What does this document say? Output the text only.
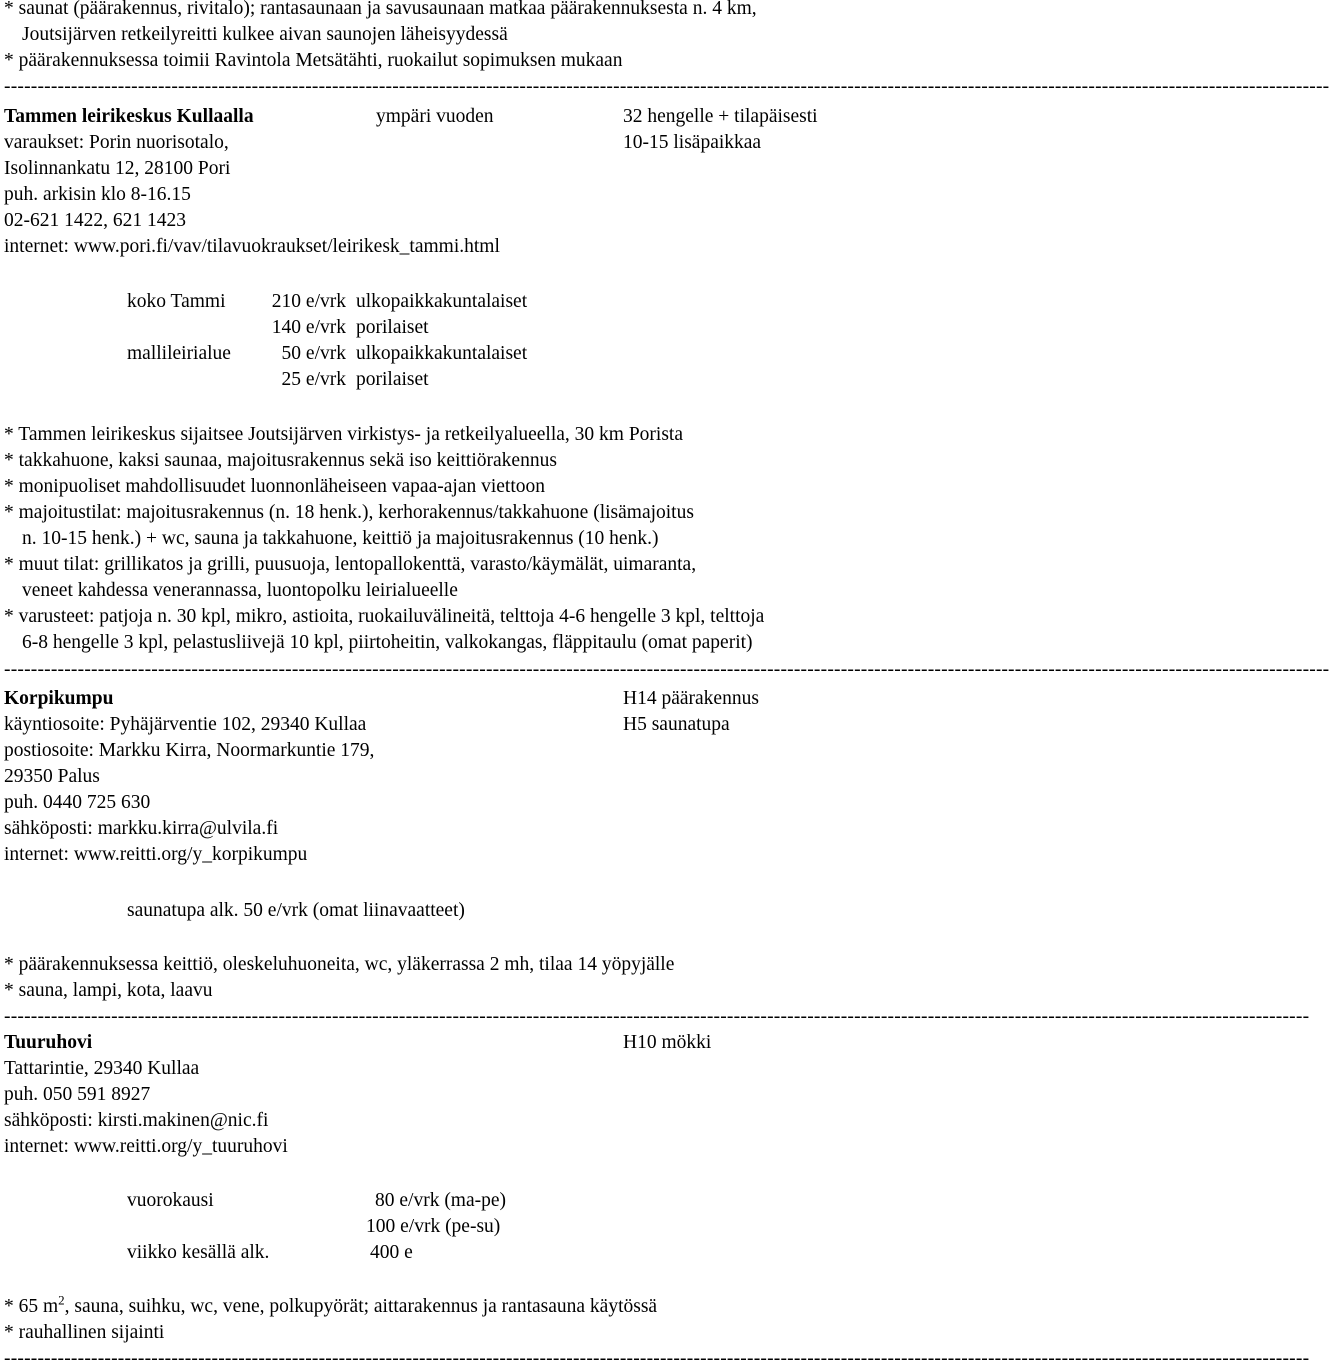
* saunat (päärakennus, rivitalo); rantasaunaan ja savusaunaan matkaa päärakennuksesta n. 4 km,
Joutsijärven retkeilyreitti kulkee aivan saunojen läheisyydessä
* päärakennuksessa toimii Ravintola Metsätähti, ruokailut sopimuksen mukaan
------------------------------------------------------------------------------------------------------------------------------------------------------------------------------------------------------
Tammen leirikeskus Kullaalla	ympäri vuoden	32 hengelle + tilapäisesti
10-15 lisäpaikkaa
varaukset: Porin nuorisotalo,
Isolinnankatu 12, 28100 Pori
puh. arkisin klo 8-16.15
02-621 1422, 621 1423
internet: www.pori.fi/vav/tilavuokraukset/leirikesk_tammi.html
koko Tammi	210 e/vrk ulkopaikkakuntalaiset
140 e/vrk porilaiset
mallileirialue	50 e/vrk ulkopaikkakuntalaiset
25 e/vrk porilaiset
* Tammen leirikeskus sijaitsee Joutsijärven virkistys- ja retkeilyalueella, 30 km Porista
* takkahuone, kaksi saunaa, majoitusrakennus sekä iso keittiörakennus
* monipuoliset mahdollisuudet luonnonläheiseen vapaa-ajan viettoon
* majoitustilat: majoitusrakennus (n. 18 henk.), kerhorakennus/takkahuone (lisämajoitus
n. 10-15 henk.) + wc, sauna ja takkahuone, keittiö ja majoitusrakennus (10 henk.)
* muut tilat: grillikatos ja grilli, puusuoja, lentopallokenttä, varasto/käymälät, uimaranta,
veneet kahdessa venerannassa, luontopolku leirialueelle
* varusteet: patjoja n. 30 kpl, mikro, astioita, ruokailuvälineitä, telttoja 4-6 hengelle 3 kpl, telttoja
6-8 hengelle 3 kpl, pelastusliivejä 10 kpl, piirtoheitin, valkokangas, fläppitaulu (omat paperit)
------------------------------------------------------------------------------------------------------------------------------------------------------------------------------------------------------
Korpikumpu	H14 päärakennus
H5 saunatupa
käyntiosoite: Pyhäjärventie 102, 29340 Kullaa
postiosoite: Markku Kirra, Noormarkuntie 179,
29350 Palus
puh. 0440 725 630
sähköposti: markku.kirra@ulvila.fi
internet: www.reitti.org/y_korpikumpu
saunatupa alk. 50 e/vrk (omat liinavaatteet)
* päärakennuksessa keittiö, oleskeluhuoneita, wc, yläkerrassa 2 mh, tilaa 14 yöpyjälle
* sauna, lampi, kota, laavu
---------------------------------------------------------------------------------------------------------------------------------------------------------------------------------------------------
Tuuruhovi	H10 mökki
Tattarintie, 29340 Kullaa
puh. 050 591 8927
sähköposti: kirsti.makinen@nic.fi
internet: www.reitti.org/y_tuuruhovi
vuorokausi	80 e/vrk (ma-pe)
100 e/vrk (pe-su)
viikko kesällä alk.	400 e
* 65 $m^2$, sauna, suihku, wc, vene, polkupyörät; aittarakennus ja rantasauna käytössä
* rauhallinen sijainti
---------------------------------------------------------------------------------------------------------------------------------------------------------------------------------------------------
